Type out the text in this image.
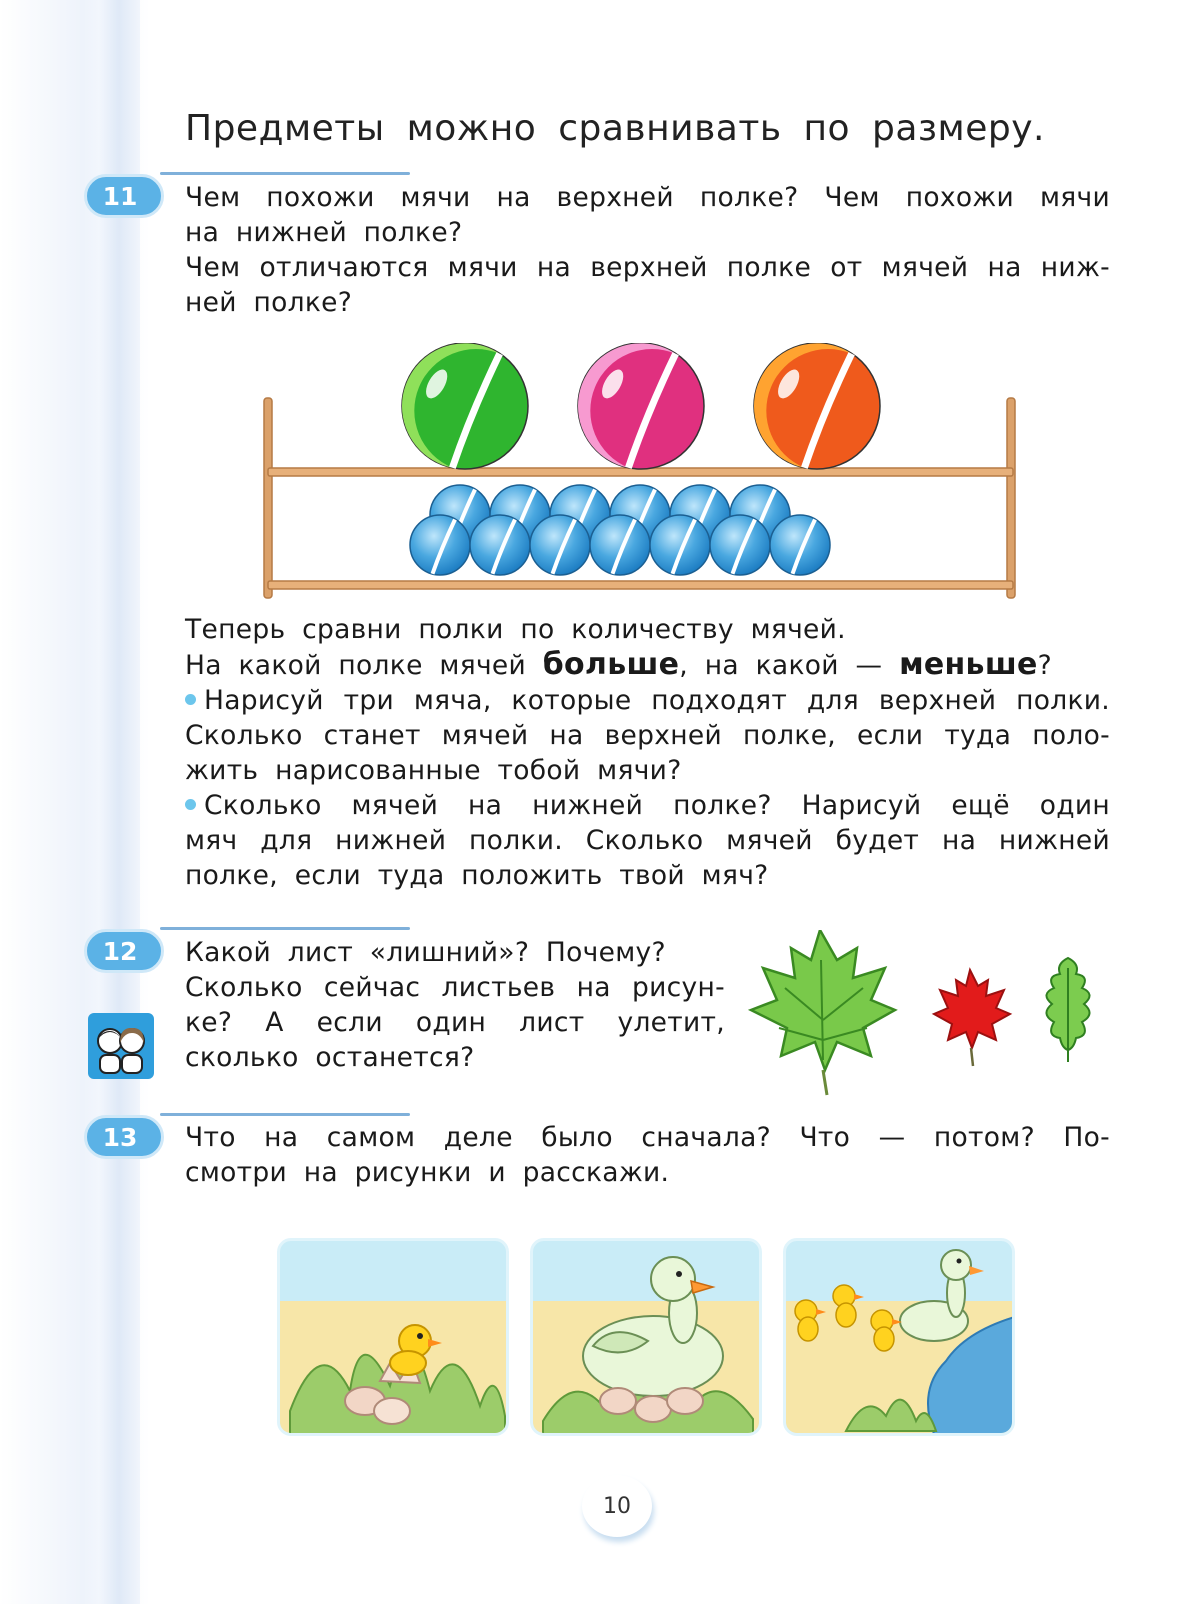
Предметы можно сравнивать по размеру.
11	Чем похожи мячи на верхней полке? Чем похожи мячи
на нижней полке?
Чем отличаются мячи на верхней полке от мячей на ниж-
ней полке?
Теперь сравни полки по количеству мячей.
На какой полке мячей больше, на какой — меньше?
Нарисуй три мяча, которые подходят для верхней полки.
Сколько станет мячей на верхней полке, если туда поло-
жить нарисованные тобой мячи?
Сколько мячей на нижней полке? Нарисуй ещё один
мяч для нижней полки. Сколько мячей будет на нижней
полке, если туда положить твой мяч?
12	Какой лист «лишний»? Почему?
Сколько сейчас листьев на рисун-
ке? А если один лист улетит,
сколько останется?
13	Что на самом деле было сначала? Что — потом? По-
смотри на рисунки и расскажи.
10
